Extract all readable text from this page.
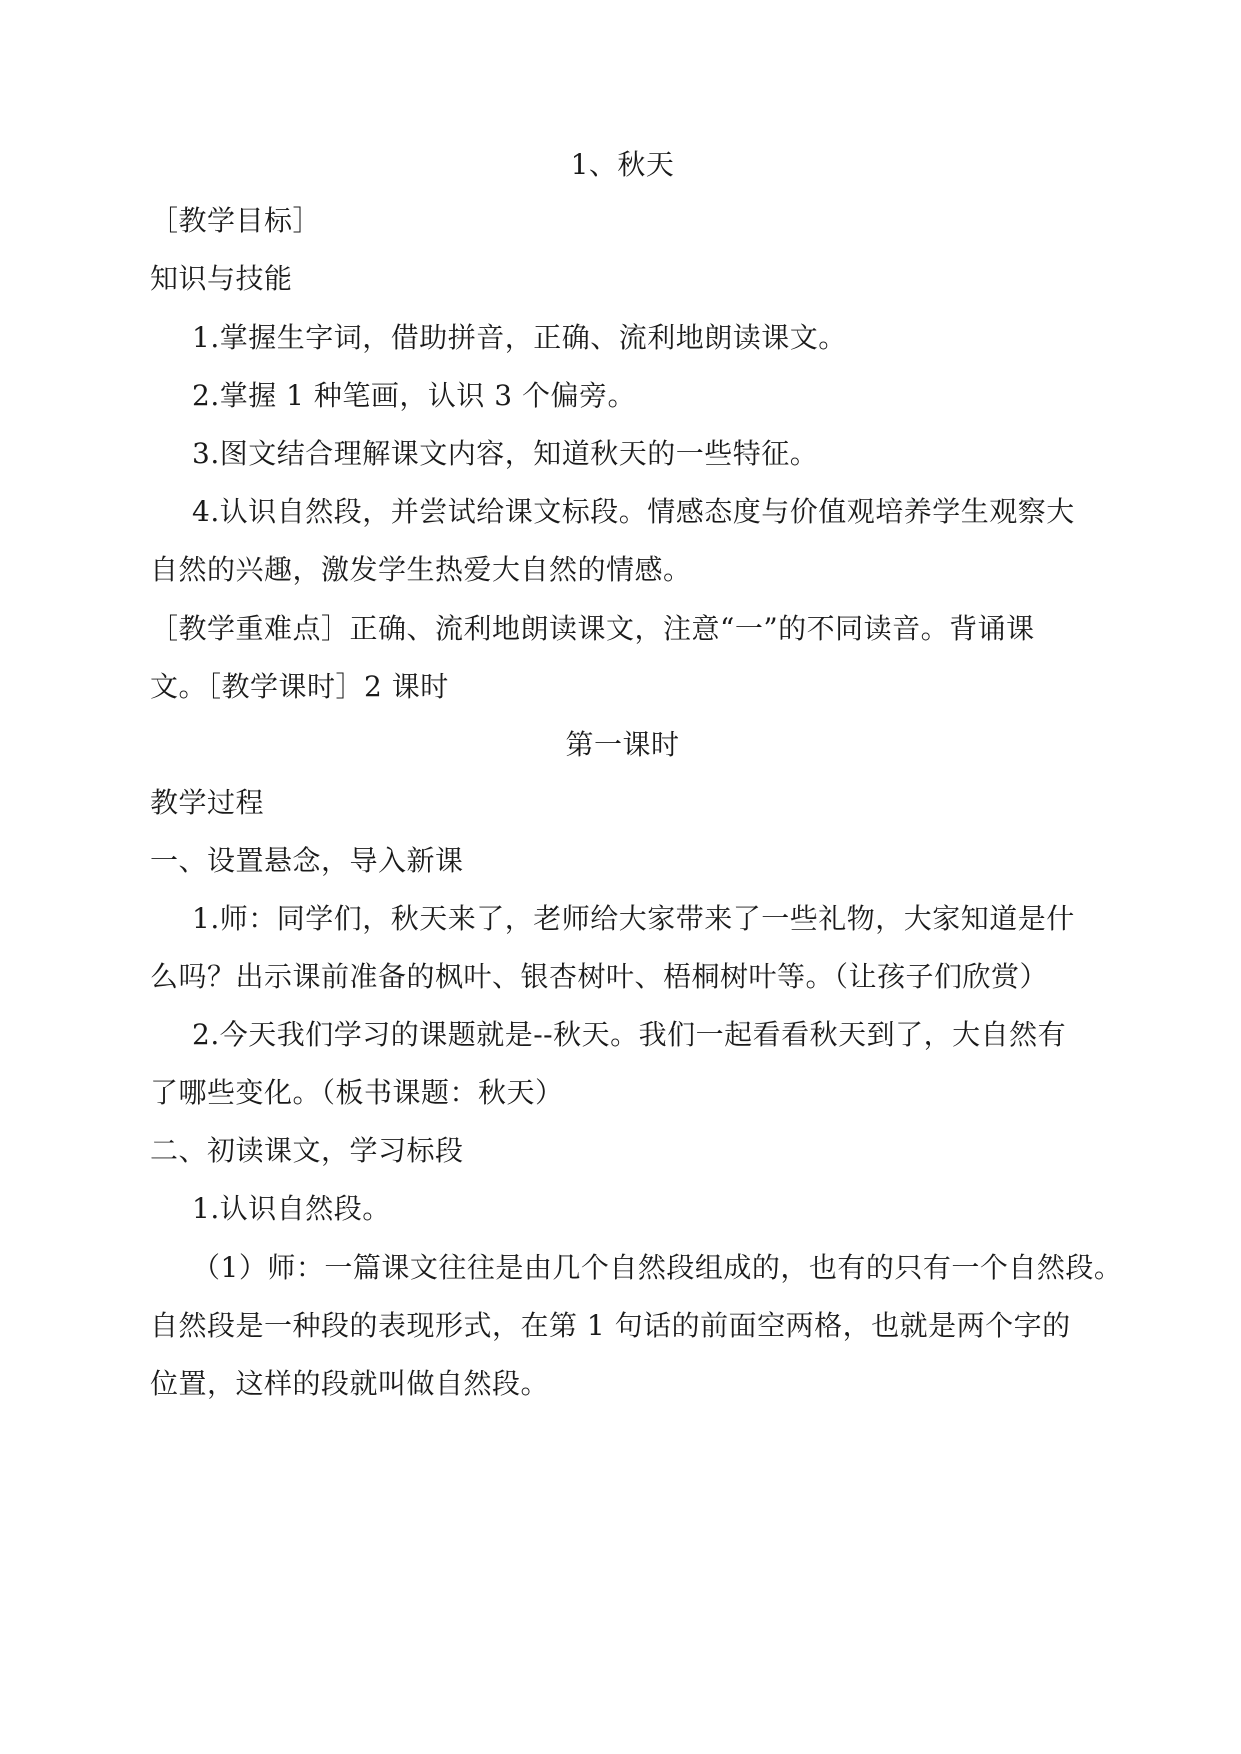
1、秋天
［教学目标］
知识与技能
1.掌握生字词，借助拼音，正确、流利地朗读课文。
2.掌握 1 种笔画，认识 3 个偏旁。
3.图文结合理解课文内容，知道秋天的一些特征。
4.认识自然段，并尝试给课文标段。情感态度与价值观培养学生观察大
自然的兴趣，激发学生热爱大自然的情感。
［教学重难点］正确、流利地朗读课文，注意“一”的不同读音。背诵课
文。［教学课时］2 课时
第一课时
教学过程
一、设置悬念，导入新课
1.师：同学们，秋天来了，老师给大家带来了一些礼物，大家知道是什
么吗？出示课前准备的枫叶、银杏树叶、梧桐树叶等。（让孩子们欣赏）
2.今天我们学习的课题就是--秋天。我们一起看看秋天到了，大自然有
了哪些变化。（板书课题：秋天）
二、初读课文，学习标段
1.认识自然段。
（1）师：一篇课文往往是由几个自然段组成的，也有的只有一个自然段。
自然段是一种段的表现形式，在第 1 句话的前面空两格，也就是两个字的
位置，这样的段就叫做自然段。
